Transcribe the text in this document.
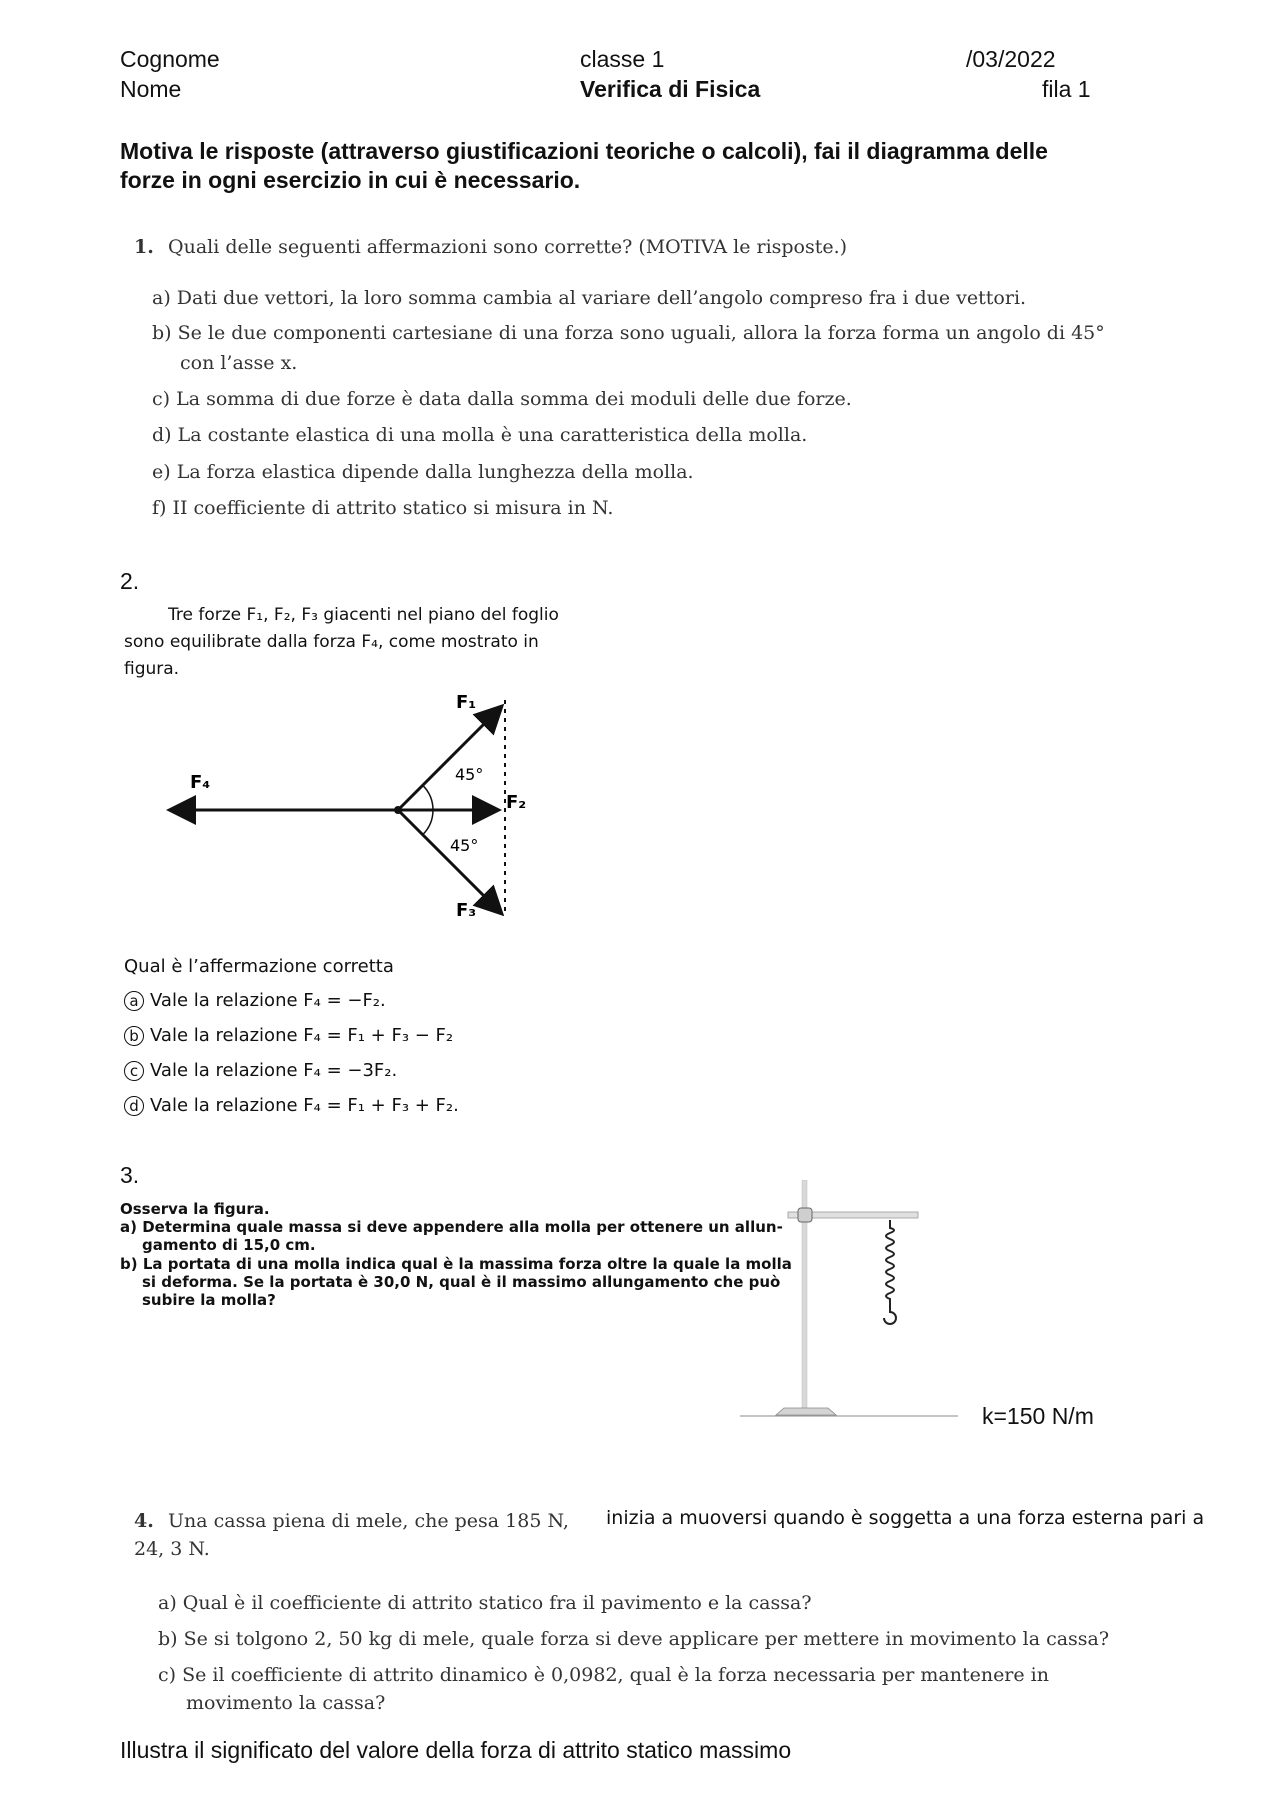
Cognome
Nome
classe 1
Verifica di Fisica
/03/2022
fila 1
Motiva le risposte (attraverso giustificazioni teoriche o calcoli), fai il diagramma delle
forze in ogni esercizio in cui è necessario.
1. Quali delle seguenti affermazioni sono corrette? (MOTIVA le risposte.)
a) Dati due vettori, la loro somma cambia al variare dell’angolo compreso fra i due vettori.
b) Se le due componenti cartesiane di una forza sono uguali, allora la forza forma un angolo di 45°
con l’asse x.
c) La somma di due forze è data dalla somma dei moduli delle due forze.
d) La costante elastica di una molla è una caratteristica della molla.
e) La forza elastica dipende dalla lunghezza della molla.
f) II coefficiente di attrito statico si misura in N.
2.
Tre forze F₁, F₂, F₃ giacenti nel piano del foglio
sono equilibrate dalla forza F₄, come mostrato in
figura.
45°
45°
F₁
F₂
F₃
F₄
Qual è l’affermazione corretta
a Vale la relazione F₄ = −F₂.
b Vale la relazione F₄ = F₁ + F₃ − F₂
c Vale la relazione F₄ = −3F₂.
d Vale la relazione F₄ = F₁ + F₃ + F₂.
3.
Osserva la figura.
a) Determina quale massa si deve appendere alla molla per ottenere un allun-
gamento di 15,0 cm.
b) La portata di una molla indica qual è la massima forza oltre la quale la molla
si deforma. Se la portata è 30,0 N, qual è il massimo allungamento che può
subire la molla?
k=150 N/m
4. Una cassa piena di mele, che pesa 185 N, inizia a muoversi quando è soggetta a una forza esterna pari a
24, 3 N.
a) Qual è il coefficiente di attrito statico fra il pavimento e la cassa?
b) Se si tolgono 2, 50 kg di mele, quale forza si deve applicare per mettere in movimento la cassa?
c) Se il coefficiente di attrito dinamico è 0,0982, qual è la forza necessaria per mantenere in
movimento la cassa?
Illustra il significato del valore della forza di attrito statico massimo
